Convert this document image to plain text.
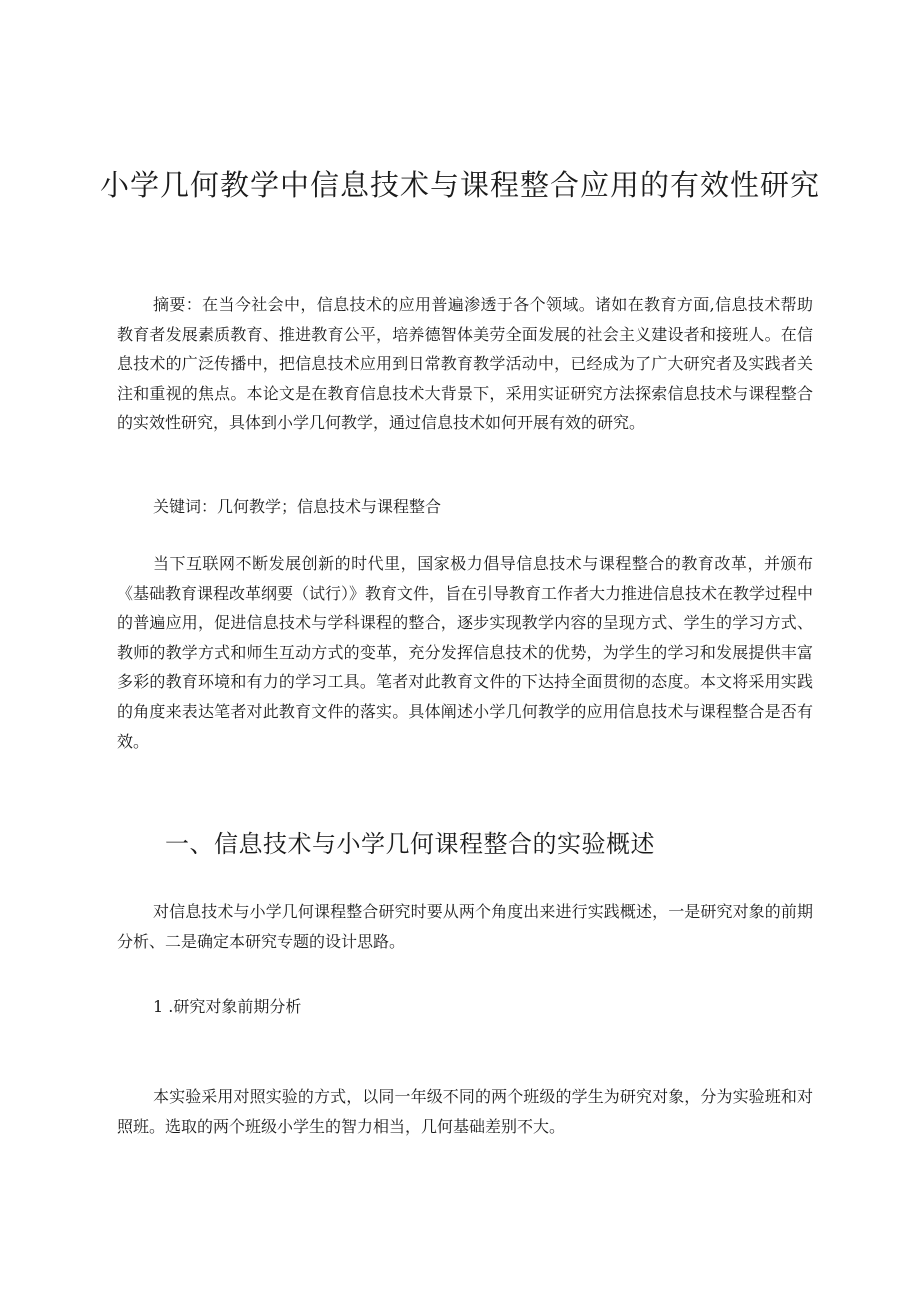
小学几何教学中信息技术与课程整合应用的有效性研究

摘要：在当今社会中，信息技术的应用普遍渗透于各个领域。诸如在教育方面,信息技术帮助教育者发展素质教育、推进教育公平，培养德智体美劳全面发展的社会主义建设者和接班人。在信息技术的广泛传播中，把信息技术应用到日常教育教学活动中，已经成为了广大研究者及实践者关注和重视的焦点。本论文是在教育信息技术大背景下，采用实证研究方法探索信息技术与课程整合的实效性研究，具体到小学几何教学，通过信息技术如何开展有效的研究。

关键词：几何教学；信息技术与课程整合

当下互联网不断发展创新的时代里，国家极力倡导信息技术与课程整合的教育改革，并颁布《基础教育课程改革纲要（试行）》教育文件，旨在引导教育工作者大力推进信息技术在教学过程中的普遍应用，促进信息技术与学科课程的整合，逐步实现教学内容的呈现方式、学生的学习方式、教师的教学方式和师生互动方式的变革，充分发挥信息技术的优势，为学生的学习和发展提供丰富多彩的教育环境和有力的学习工具。笔者对此教育文件的下达持全面贯彻的态度。本文将采用实践的角度来表达笔者对此教育文件的落实。具体阐述小学几何教学的应用信息技术与课程整合是否有效。

一、信息技术与小学几何课程整合的实验概述

对信息技术与小学几何课程整合研究时要从两个角度出来进行实践概述，一是研究对象的前期分析、二是确定本研究专题的设计思路。

1 .研究对象前期分析

本实验采用对照实验的方式，以同一年级不同的两个班级的学生为研究对象，分为实验班和对照班。选取的两个班级小学生的智力相当，几何基础差别不大。
